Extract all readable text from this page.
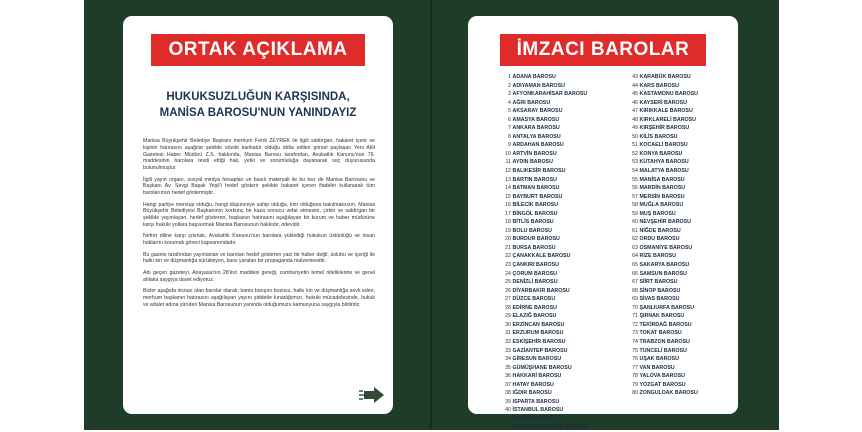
ORTAK AÇIKLAMA
HUKUKSUZLUĞUN KARŞISINDA,
MANİSA BAROSU'NUN YANINDAYIZ

Manisa Büyükşehir Belediye Başkanı merhum Ferdi ZEYREK ile ilgili saldırgan, hakaret içerir ve kişinin hatırasını aşağılar şekilde sözde karikatür olduğu iddia edilen görsel paylaşan Yeni Akit Gazetesi Haber Müdürü Z.S. hakkında, Manisa Barosu tarafından, Avukatlık Kanunu'nun 76. maddesinin barolara tevdi ettiği hak, yetki ve sorumluluğa dayanarak suç duyurusunda bulunulmuştur.

İlgili yayın organı, sosyal medya hesapları ve basılı materyali ile bu kez de Manisa Barosunu ve Başkanı Av. Sevgi Başak Yeşil'i hedef gösterir şekilde hakaret içeren ifadeler kullanarak tüm barolarımızı hedef göstermiştir.

Hangi partiye mensup olduğu, hangi düşünceye sahip olduğu, kim olduğuna bakılmaksızın, Manisa Büyükşehir Belediyesi Başkanının korkunç bir kaza sonucu vefat etmesini, çirkin ve saldırgan bir şekilde yayınlayan, hedef gösteren, başkanın hatırasını aşağılayan bir kurum ve haber müdürüne karşı hukuki yollara başvurmak Manisa Barosunun hakkıdır, ödevidir.

Nefret diline karşı çıkmak, Avukatlık Kanunu'nun barolara yüklediği hukukun üstünlüğü ve insan haklarını korumak görevi kapsamındadır.

Bu gazete tarafından yayınlanan ve baroları hedef gösteren yazı bir haber değil, üslubu ve içeriği ile halkı kin ve düşmanlığa sürükleyen, kaos yaratan bir propaganda malzemesidir.

Adı geçen gazeteyi, Anayasa'nın 28'inci maddesi gereği, cumhuriyetin temel niteliklerine ve genel ahlaka saygıya davet ediyoruz.

Bizler aşağıda imzası olan barolar olarak; kamu barışını bozucu, halkı kin ve düşmanlığa sevk eden, merhum başkanın hatırasını aşağılayan yayını şiddetle kınadığımızı, hukuki mücadelesinde, hukuk ve adalet adına yürüten Manisa Barosunun yanında olduğumuzu kamuoyuna saygıyla bildiririz.

İMZACI BAROLAR
1 ADANA BAROSU
2 ADIYAMAN BAROSU
3 AFYONKARAHİSAR BAROSU
4 AĞRI BAROSU
5 AKSARAY BAROSU
6 AMASYA BAROSU
7 ANKARA BAROSU
8 ANTALYA BAROSU
9 ARDAHAN BAROSU
10 ARTVİN BAROSU
11 AYDIN BAROSU
12 BALIKESİR BAROSU
13 BARTIN BAROSU
14 BATMAN BAROSU
15 BAYBURT BAROSU
16 BİLECİK BAROSU
17 BİNGÖL BAROSU
18 BİTLİS BAROSU
19 BOLU BAROSU
20 BURDUR BAROSU
21 BURSA BAROSU
22 ÇANAKKALE BAROSU
23 ÇANKIRI BAROSU
24 ÇORUM BAROSU
25 DENİZLİ BAROSU
26 DİYARBAKIR BAROSU
27 DÜZCE BAROSU
28 EDİRNE BAROSU
29 ELAZIĞ BAROSU
30 ERZİNCAN BAROSU
31 ERZURUM BAROSU
32 ESKİŞEHİR BAROSU
33 GAZİANTEP BAROSU
34 GİRESUN BAROSU
35 GÜMÜŞHANE BAROSU
36 HAKKARİ BAROSU
37 HATAY BAROSU
38 IĞDIR BAROSU
39 ISPARTA BAROSU
40 İSTANBUL BAROSU
41 İZMİR BAROSU
42 KAHRAMANMARAŞ BAROSU
43 KARABÜK BAROSU
44 KARS BAROSU
45 KASTAMONU BAROSU
46 KAYSERİ BAROSU
47 KIRIKKALE BAROSU
48 KIRKLARELİ BAROSU
49 KIRŞEHİR BAROSU
50 KİLİS BAROSU
51 KOCAELİ BAROSU
52 KONYA BAROSU
53 KÜTAHYA BAROSU
54 MALATYA BAROSU
55 MANİSA BAROSU
56 MARDİN BAROSU
57 MERSİN BAROSU
58 MUĞLA BAROSU
59 MUŞ BAROSU
60 NEVŞEHİR BAROSU
61 NİĞDE BAROSU
62 ORDU BAROSU
63 OSMANİYE BAROSU
64 RİZE BAROSU
65 SAKARYA BAROSU
66 SAMSUN BAROSU
67 SİİRT BAROSU
68 SİNOP BAROSU
69 SİVAS BAROSU
70 ŞANLIURFA BAROSU
71 ŞIRNAK BAROSU
72 TEKİRDAĞ BAROSU
73 TOKAT BAROSU
74 TRABZON BAROSU
75 TUNCELİ BAROSU
76 UŞAK BAROSU
77 VAN BAROSU
78 YALOVA BAROSU
79 YOZGAT BAROSU
80 ZONGULDAK BAROSU
